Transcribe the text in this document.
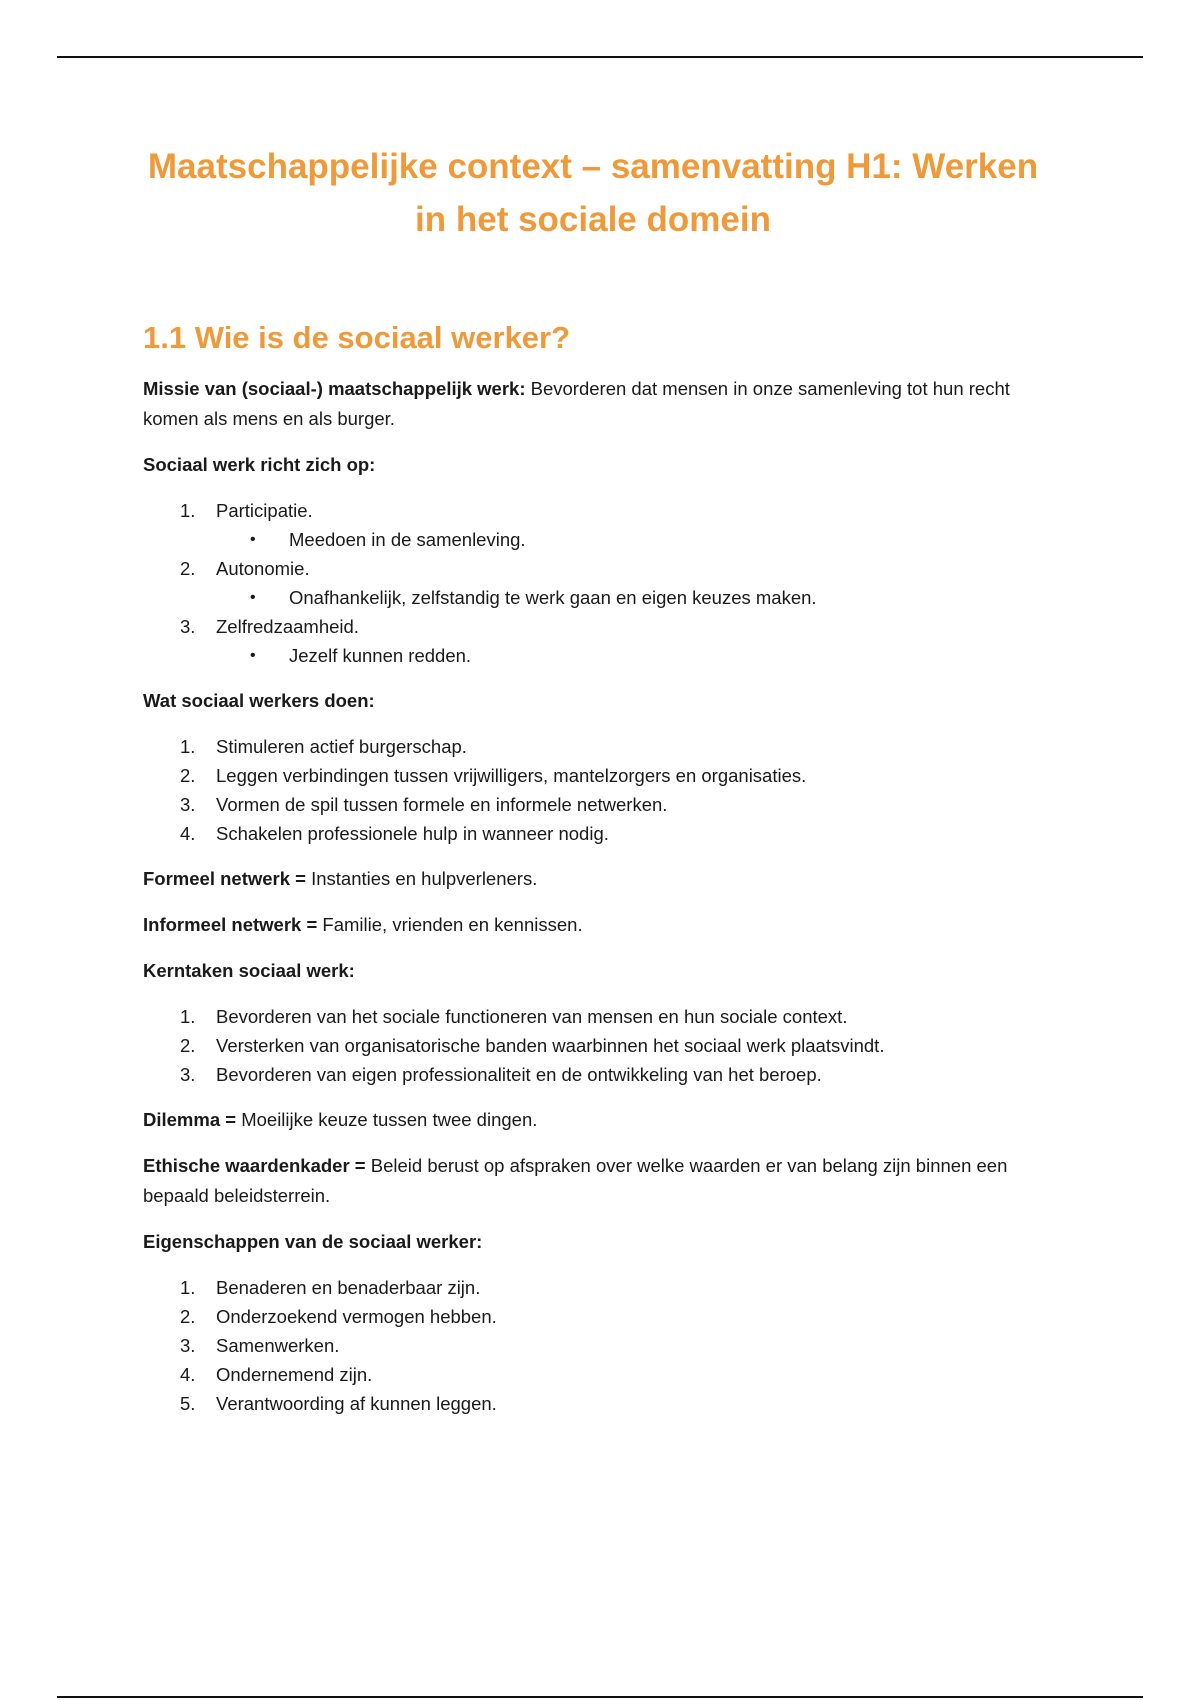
Maatschappelijke context – samenvatting H1: Werken in het sociale domein
1.1 Wie is de sociaal werker?

Missie van (sociaal-) maatschappelijk werk: Bevorderen dat mensen in onze samenleving tot hun recht komen als mens en als burger.

Sociaal werk richt zich op:

1. Participatie.
• Meedoen in de samenleving.
2. Autonomie.
• Onafhankelijk, zelfstandig te werk gaan en eigen keuzes maken.
3. Zelfredzaamheid.
• Jezelf kunnen redden.

Wat sociaal werkers doen:

1. Stimuleren actief burgerschap.
2. Leggen verbindingen tussen vrijwilligers, mantelzorgers en organisaties.
3. Vormen de spil tussen formele en informele netwerken.
4. Schakelen professionele hulp in wanneer nodig.

Formeel netwerk = Instanties en hulpverleners.

Informeel netwerk = Familie, vrienden en kennissen.

Kerntaken sociaal werk:

1. Bevorderen van het sociale functioneren van mensen en hun sociale context.
2. Versterken van organisatorische banden waarbinnen het sociaal werk plaatsvindt.
3. Bevorderen van eigen professionaliteit en de ontwikkeling van het beroep.

Dilemma = Moeilijke keuze tussen twee dingen.

Ethische waardenkader = Beleid berust op afspraken over welke waarden er van belang zijn binnen een bepaald beleidsterrein.

Eigenschappen van de sociaal werker:

1. Benaderen en benaderbaar zijn.
2. Onderzoekend vermogen hebben.
3. Samenwerken.
4. Ondernemend zijn.
5. Verantwoording af kunnen leggen.
